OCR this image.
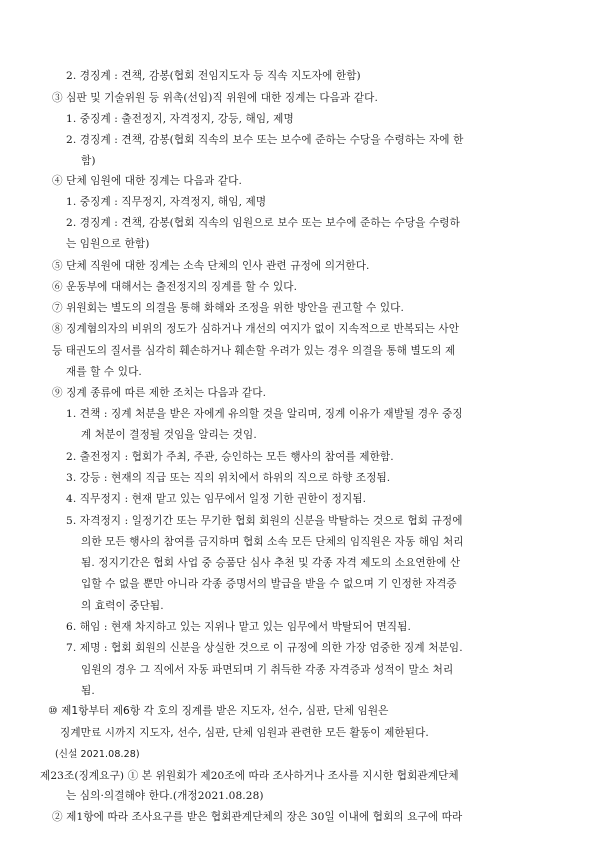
2. 경징계 : 견책, 감봉(협회 전임지도자 등 직속 지도자에 한함)
③ 심판 및 기술위원 등 위촉(선임)직 위원에 대한 징계는 다음과 같다.
1. 중징계 : 출전정지, 자격정지, 강등, 해임, 제명
2. 경징계 : 견책, 감봉(협회 직속의 보수 또는 보수에 준하는 수당을 수령하는 자에 한
함)
④ 단체 임원에 대한 징계는 다음과 같다.
1. 중징계 : 직무정지, 자격정지, 해임, 제명
2. 경징계 : 견책, 감봉(협회 직속의 임원으로 보수 또는 보수에 준하는 수당을 수령하
는 임원으로 한함)
⑤ 단체 직원에 대한 징계는 소속 단체의 인사 관련 규정에 의거한다.
⑥ 운동부에 대해서는 출전정지의 징계를 할 수 있다.
⑦ 위원회는 별도의 의결을 통해 화해와 조정을 위한 방안을 권고할 수 있다.
⑧ 징계혐의자의 비위의 정도가 심하거나 개선의 여지가 없이 지속적으로 반복되는 사안
등 태권도의 질서를 심각히 훼손하거나 훼손할 우려가 있는 경우 의결을 통해 별도의 제
재를 할 수 있다.
⑨ 징계 종류에 따른 제한 조치는 다음과 같다.
1. 견책 : 징계 처분을 받은 자에게 유의할 것을 알리며, 징계 이유가 재발될 경우 중징
계 처분이 결정될 것임을 알리는 것임.
2. 출전정지 : 협회가 주최, 주관, 승인하는 모든 행사의 참여를 제한함.
3. 강등 : 현재의 직급 또는 직의 위치에서 하위의 직으로 하향 조정됨.
4. 직무정지 : 현재 맡고 있는 임무에서 일정 기한 권한이 정지됨.
5. 자격정지 : 일정기간 또는 무기한 협회 회원의 신분을 박탈하는 것으로 협회 규정에
의한 모든 행사의 참여를 금지하며 협회 소속 모든 단체의 임직원은 자동 해임 처리
됨. 정지기간은 협회 사업 중 승품단 심사 추천 및 각종 자격 제도의 소요연한에 산
입할 수 없을 뿐만 아니라 각종 증명서의 발급을 받을 수 없으며 기 인정한 자격증
의 효력이 중단됨.
6. 해임 : 현재 차지하고 있는 지위나 맡고 있는 임무에서 박탈되어 면직됨.
7. 제명 : 협회 회원의 신분을 상실한 것으로 이 규정에 의한 가장 엄중한 징계 처분임.
임원의 경우 그 직에서 자동 파면되며 기 취득한 각종 자격증과 성적이 말소 처리
됨.
⑩ 제1항부터 제6항 각 호의 징계를 받은 지도자, 선수, 심판, 단체 임원은
징계만료 시까지 지도자, 선수, 심판, 단체 임원과 관련한 모든 활동이 제한된다.
(신설 2021.08.28)
제23조(징계요구) ① 본 위원회가 제20조에 따라 조사하거나 조사를 지시한 협회관계단체
는 심의·의결해야 한다.(개정2021.08.28)
② 제1항에 따라 조사요구를 받은 협회관계단체의 장은 30일 이내에 협회의 요구에 따라
